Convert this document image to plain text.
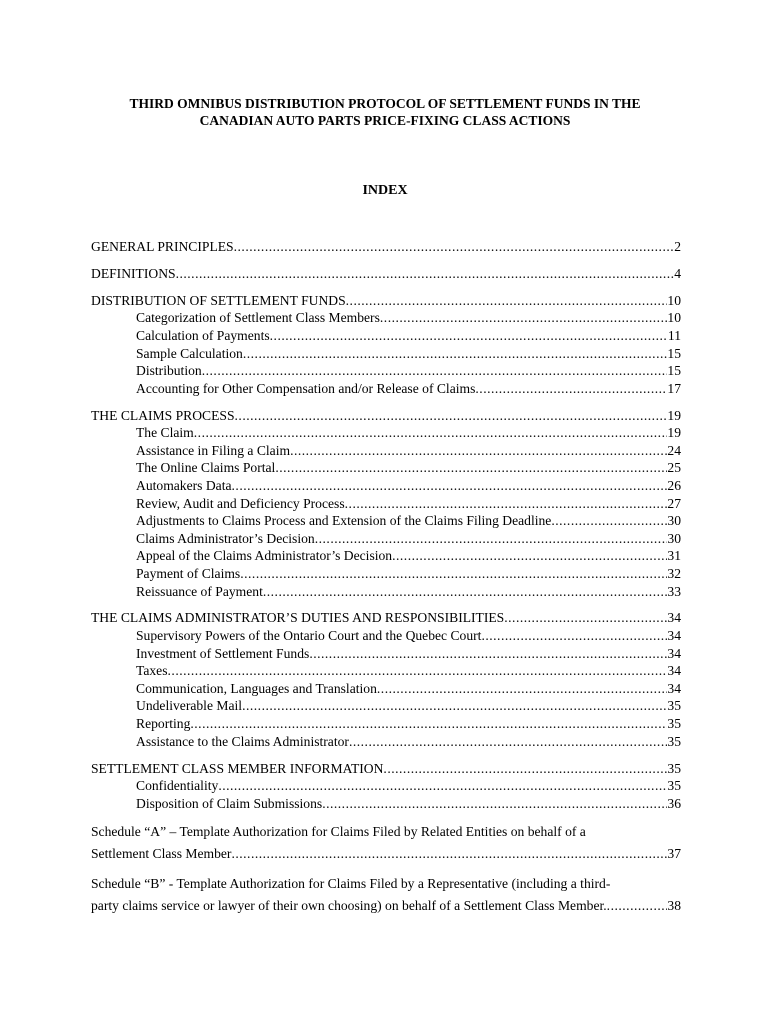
THIRD OMNIBUS DISTRIBUTION PROTOCOL OF SETTLEMENT FUNDS IN THE
CANADIAN AUTO PARTS PRICE-FIXING CLASS ACTIONS
INDEX
GENERAL PRINCIPLES .....	2
DEFINITIONS .....	4
DISTRIBUTION OF SETTLEMENT FUNDS .....	10
Categorization of Settlement Class Members .....	10
Calculation of Payments .....	11
Sample Calculation .....	15
Distribution .....	15
Accounting for Other Compensation and/or Release of Claims .....	17
THE CLAIMS PROCESS .....	19
The Claim .....	19
Assistance in Filing a Claim .....	24
The Online Claims Portal .....	25
Automakers Data .....	26
Review, Audit and Deficiency Process .....	27
Adjustments to Claims Process and Extension of the Claims Filing Deadline .....	30
Claims Administrator’s Decision .....	30
Appeal of the Claims Administrator’s Decision .....	31
Payment of Claims .....	32
Reissuance of Payment .....	33
THE CLAIMS ADMINISTRATOR’S DUTIES AND RESPONSIBILITIES .....	34
Supervisory Powers of the Ontario Court and the Quebec Court .....	34
Investment of Settlement Funds .....	34
Taxes .....	34
Communication, Languages and Translation .....	34
Undeliverable Mail .....	35
Reporting .....	35
Assistance to the Claims Administrator .....	35
SETTLEMENT CLASS MEMBER INFORMATION .....	35
Confidentiality .....	35
Disposition of Claim Submissions .....	36
Schedule “A” – Template Authorization for Claims Filed by Related Entities on behalf of a
Settlement Class Member .....	37
Schedule “B” - Template Authorization for Claims Filed by a Representative (including a third-
party claims service or lawyer of their own choosing) on behalf of a Settlement Class Member. .....	38
